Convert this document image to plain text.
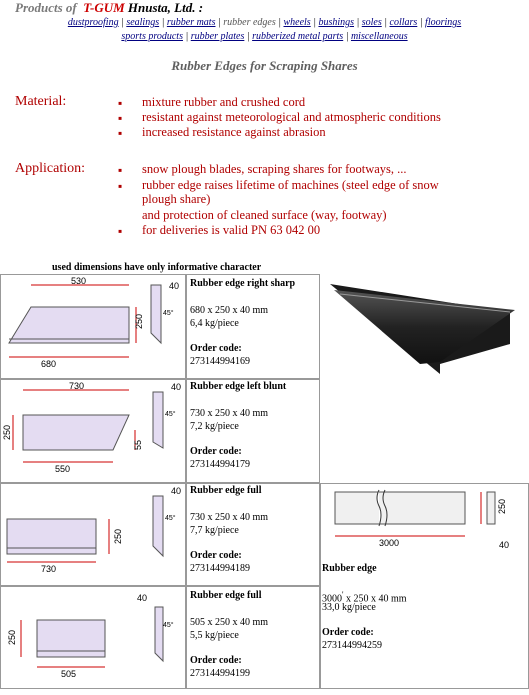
Products of T-GUM Hnusta, Ltd. :
dustproofing | sealings | rubber mats | rubber edges | wheels | bushings | soles | collars | floorings
sports products | rubber plates | rubberized metal parts | miscellaneous
Rubber Edges for Scraping Shares
Material:	▪ mixture rubber and crushed cord
▪ resistant against meteorological and atmospheric conditions
▪ increased resistance against abrasion
Application:	▪ snow plough blades, scraping shares for footways, ...
▪ rubber edge raises lifetime of machines (steel edge of snow plough share)
and protection of cleaned surface (way, footway)
▪ for deliveries is valid PN 63 042 00
used dimensions have only informative character
530
250
680
40
45°
Rubber edge right sharp
680 x 250 x 40 mm
6,4 kg/piece
Order code:
273144994169
730
250
55
550
40
45°
Rubber edge left blunt
730 x 250 x 40 mm
7,2 kg/piece
Order code:
273144994179
250
730
40
45°
Rubber edge full
730 x 250 x 40 mm
7,7 kg/piece
Order code:
273144994189
250
505
40
45°
Rubber edge full
505 x 250 x 40 mm
5,5 kg/piece
Order code:
273144994199
3000
250
40
Rubber edge
3000' x 250 x 40 mm
33,0 kg/piece
Order code:
273144994259
